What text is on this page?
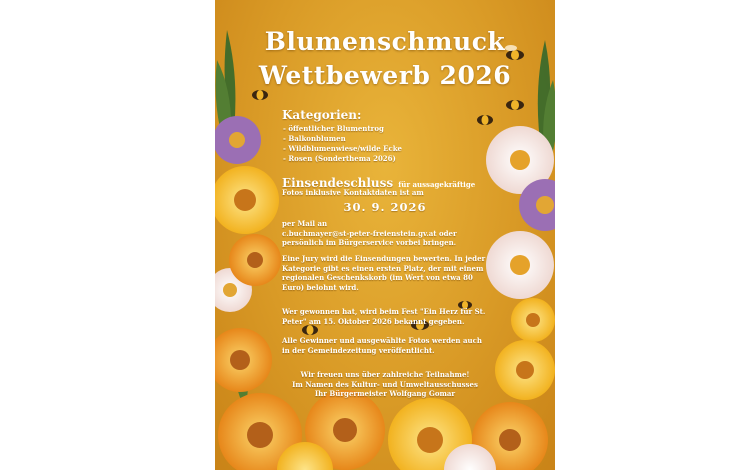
Blumenschmuck
Wettbewerb 2026
Kategorien:
- öffentlicher Blumentrog
- Balkonblumen
- Wildblumenwiese/wilde Ecke
- Rosen (Sonderthema 2026)
Einsendeschluss für aussagekräftige
Fotos inklusive Kontaktdaten ist am
30. 9. 2026
per Mail an
c.buchmayer@st-peter-freienstein.gv.at oder
persönlich im Bürgerservice vorbei bringen.
Eine Jury wird die Einsendungen bewerten. In jeder
Kategorie gibt es einen ersten Platz, der mit einem
regionalen Geschenkskorb (im Wert von etwa 80
Euro) belohnt wird.
Wer gewonnen hat, wird beim Fest "Ein Herz für St.
Peter" am 15. Oktober 2026 bekannt gegeben.
Alle Gewinner und ausgewählte Fotos werden auch
in der Gemeindezeitung veröffentlicht.
Wir freuen uns über zahlreiche Teilnahme!
Im Namen des Kultur- und Umweltausschusses
Ihr Bürgermeister Wolfgang Gomar
